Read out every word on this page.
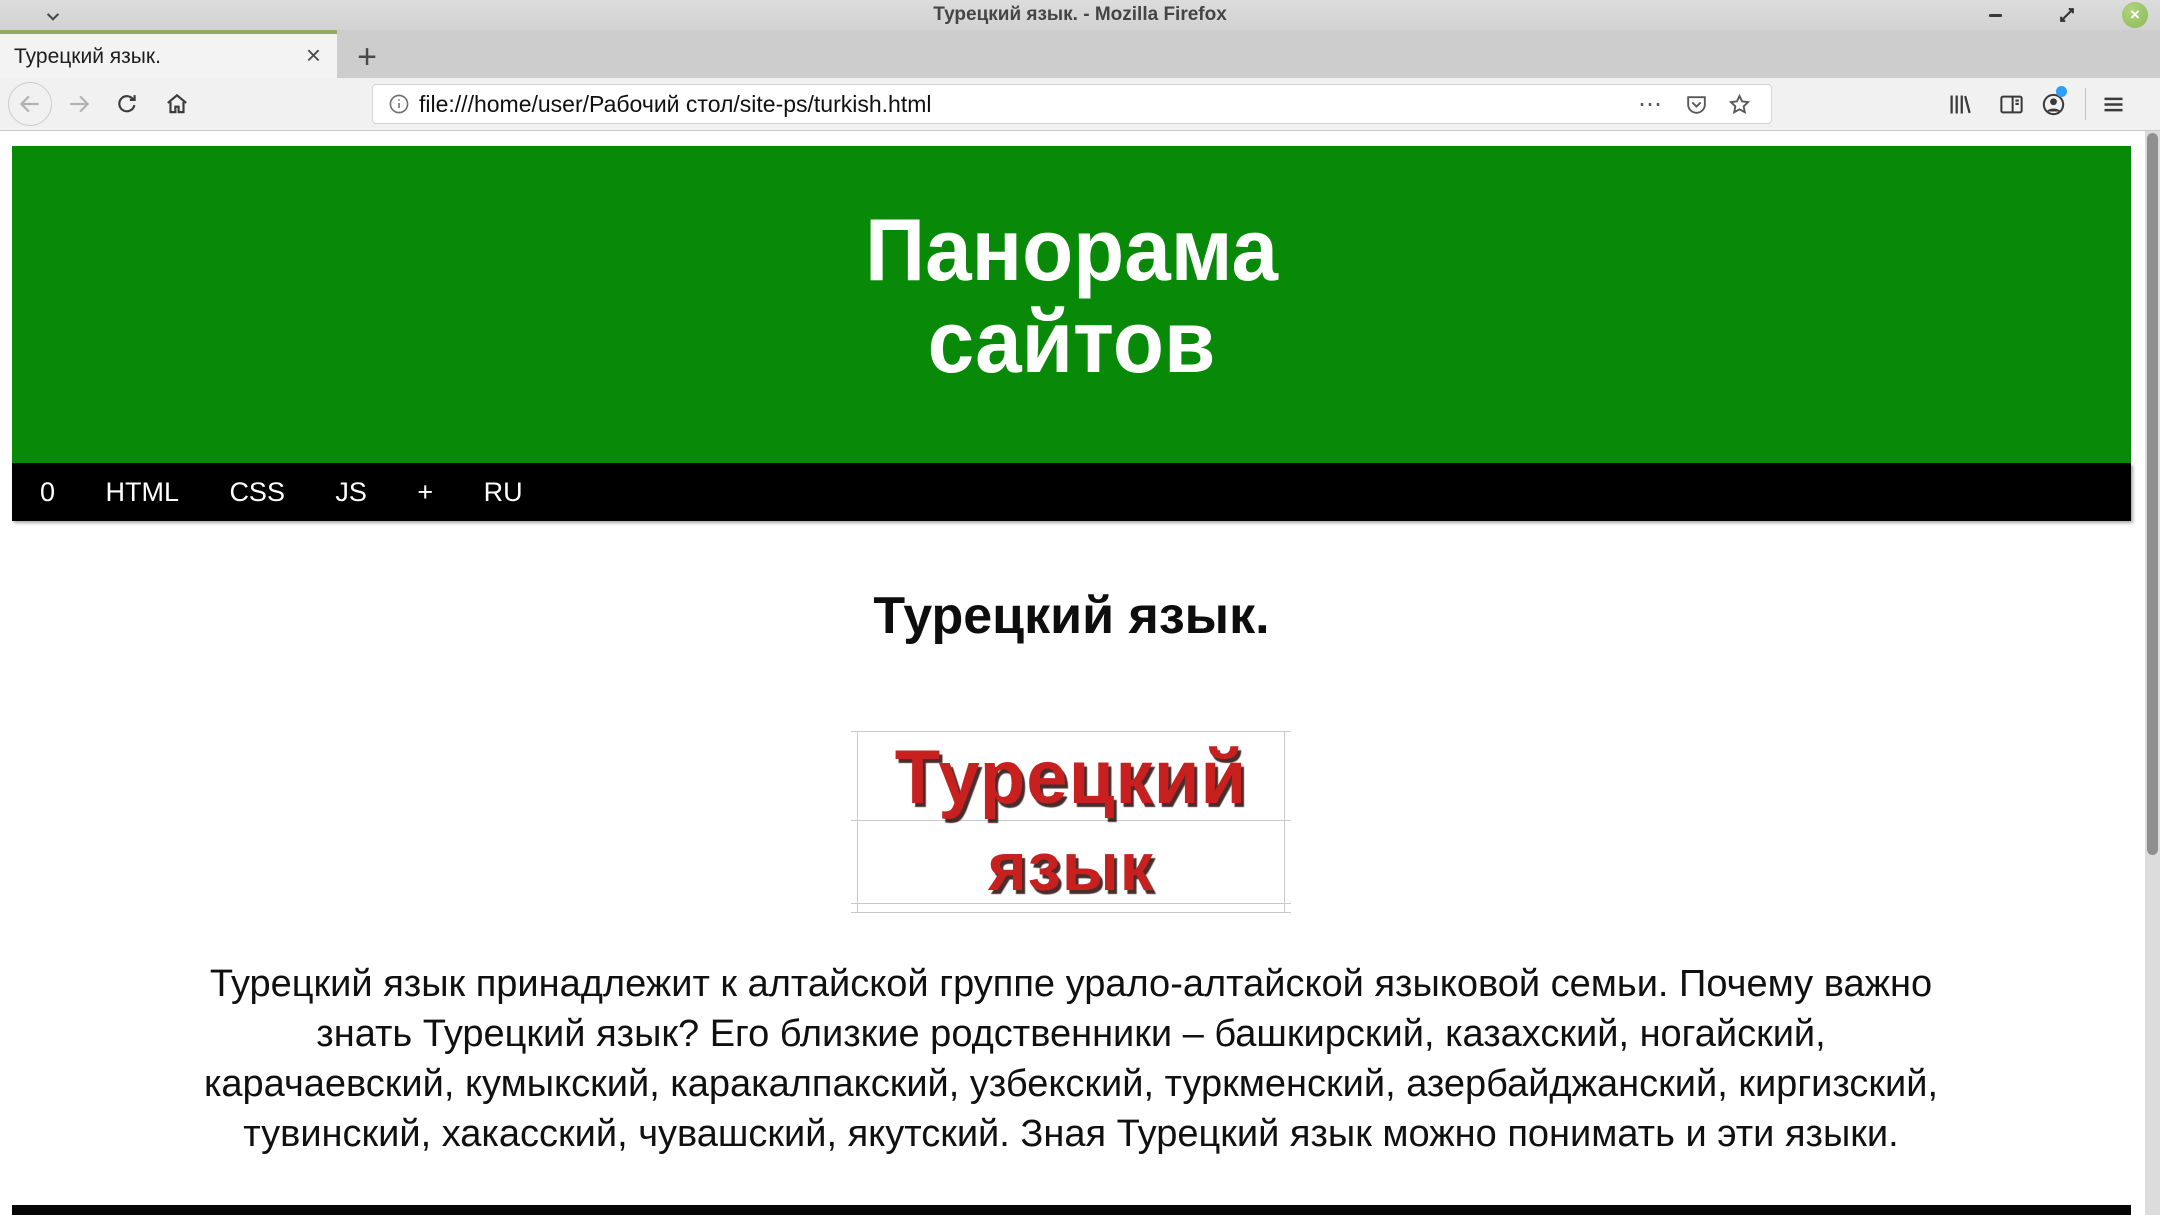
Турецкий язык. - Mozilla Firefox	×
Турецкий язык.	×	+
file:///home/user/Рабочий стол/site-ps/turkish.html	⋯
Панорама
сайтов
0 HTML CSS JS + RU
Турецкий язык.
Турецкий
язык
Турецкий язык принадлежит к алтайской группе урало-алтайской языковой семьи. Почему важно
знать Турецкий язык? Его близкие родственники – башкирский, казахский, ногайский,
карачаевский, кумыкский, каракалпакский, узбекский, туркменский, азербайджанский, киргизский,
тувинский, хакасский, чувашский, якутский. Зная Турецкий язык можно понимать и эти языки.
